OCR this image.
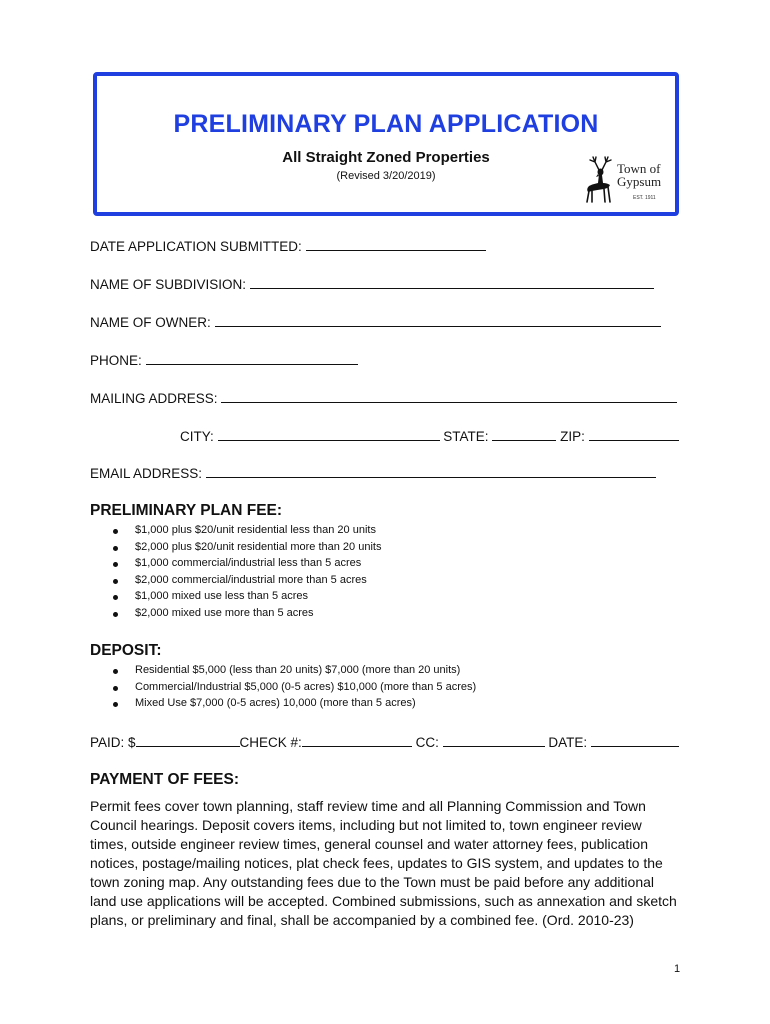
PRELIMINARY PLAN APPLICATION
All Straight Zoned Properties
(Revised 3/20/2019)	Town of
Gypsum
EST. 1911
DATE APPLICATION SUBMITTED:
NAME OF SUBDIVISION:
NAME OF OWNER:
PHONE:
MAILING ADDRESS:
CITY:	STATE:	ZIP:
EMAIL ADDRESS:
PRELIMINARY PLAN FEE:
$1,000 plus $20/unit residential less than 20 units
$2,000 plus $20/unit residential more than 20 units
$1,000 commercial/industrial less than 5 acres
$2,000 commercial/industrial more than 5 acres
$1,000 mixed use less than 5 acres
$2,000 mixed use more than 5 acres
DEPOSIT:
Residential $5,000 (less than 20 units) $7,000 (more than 20 units)
Commercial/Industrial $5,000 (0-5 acres) $10,000 (more than 5 acres)
Mixed Use $7,000 (0-5 acres) 10,000 (more than 5 acres)
PAID: $	CHECK #:	CC:	DATE:
PAYMENT OF FEES:
Permit fees cover town planning, staff review time and all Planning Commission and Town Council hearings. Deposit covers items, including but not limited to, town engineer review times, outside engineer review times, general counsel and water attorney fees, publication notices, postage/mailing notices, plat check fees, updates to GIS system, and updates to the town zoning map. Any outstanding fees due to the Town must be paid before any additional land use applications will be accepted. Combined submissions, such as annexation and sketch plans, or preliminary and final, shall be accompanied by a combined fee. (Ord. 2010-23)
1
